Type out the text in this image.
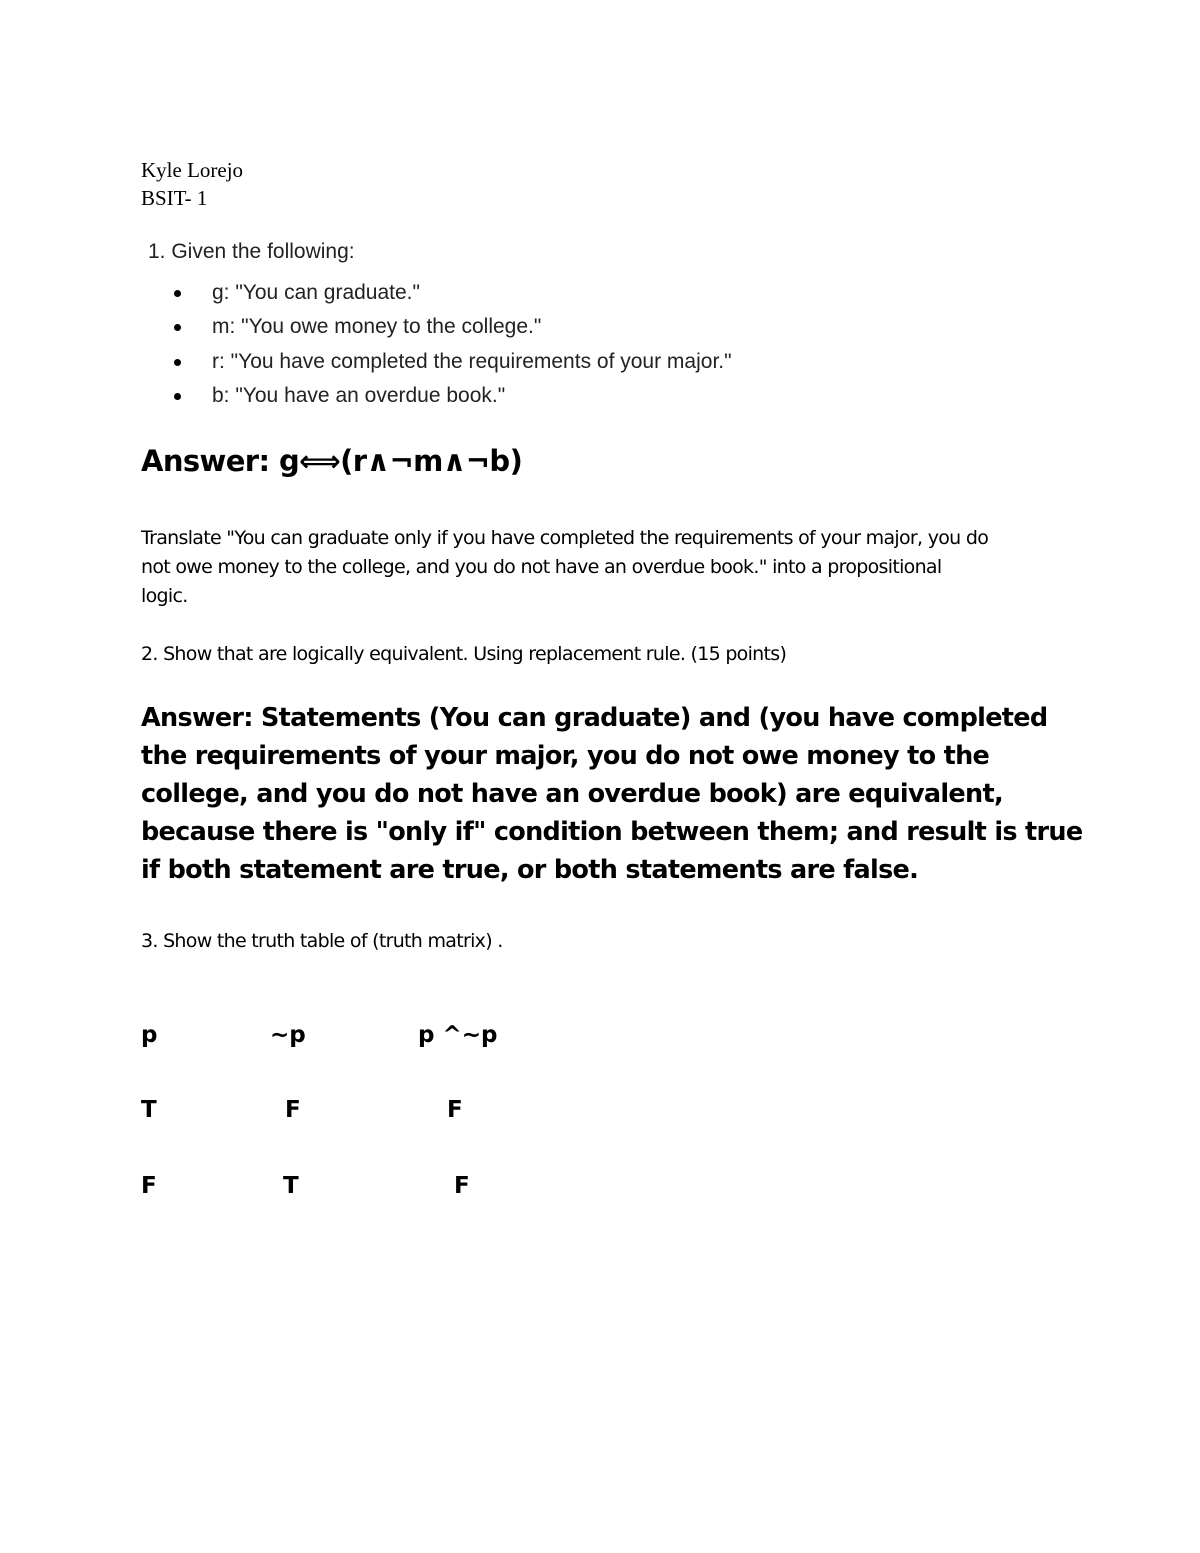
Kyle Lorejo
BSIT- 1
1. Given the following:
g: "You can graduate."
m: "You owe money to the college."
r: "You have completed the requirements of your major."
b: "You have an overdue book."
Answer: g⟺(r∧¬m∧¬b)
Translate "You can graduate only if you have completed the requirements of your major, you do
not owe money to the college, and you do not have an overdue book." into a propositional
logic.
2. Show that are logically equivalent. Using replacement rule. (15 points)
Answer: Statements (You can graduate) and (you have completed the requirements of your major, you do not owe money to the college, and you do not have an overdue book) are equivalent, because there is "only if" condition between them; and result is true if both statement are true, or both statements are false.
3. Show the truth table of (truth matrix) .
p	~p	p ^~p
T	F	F
F	T	F
